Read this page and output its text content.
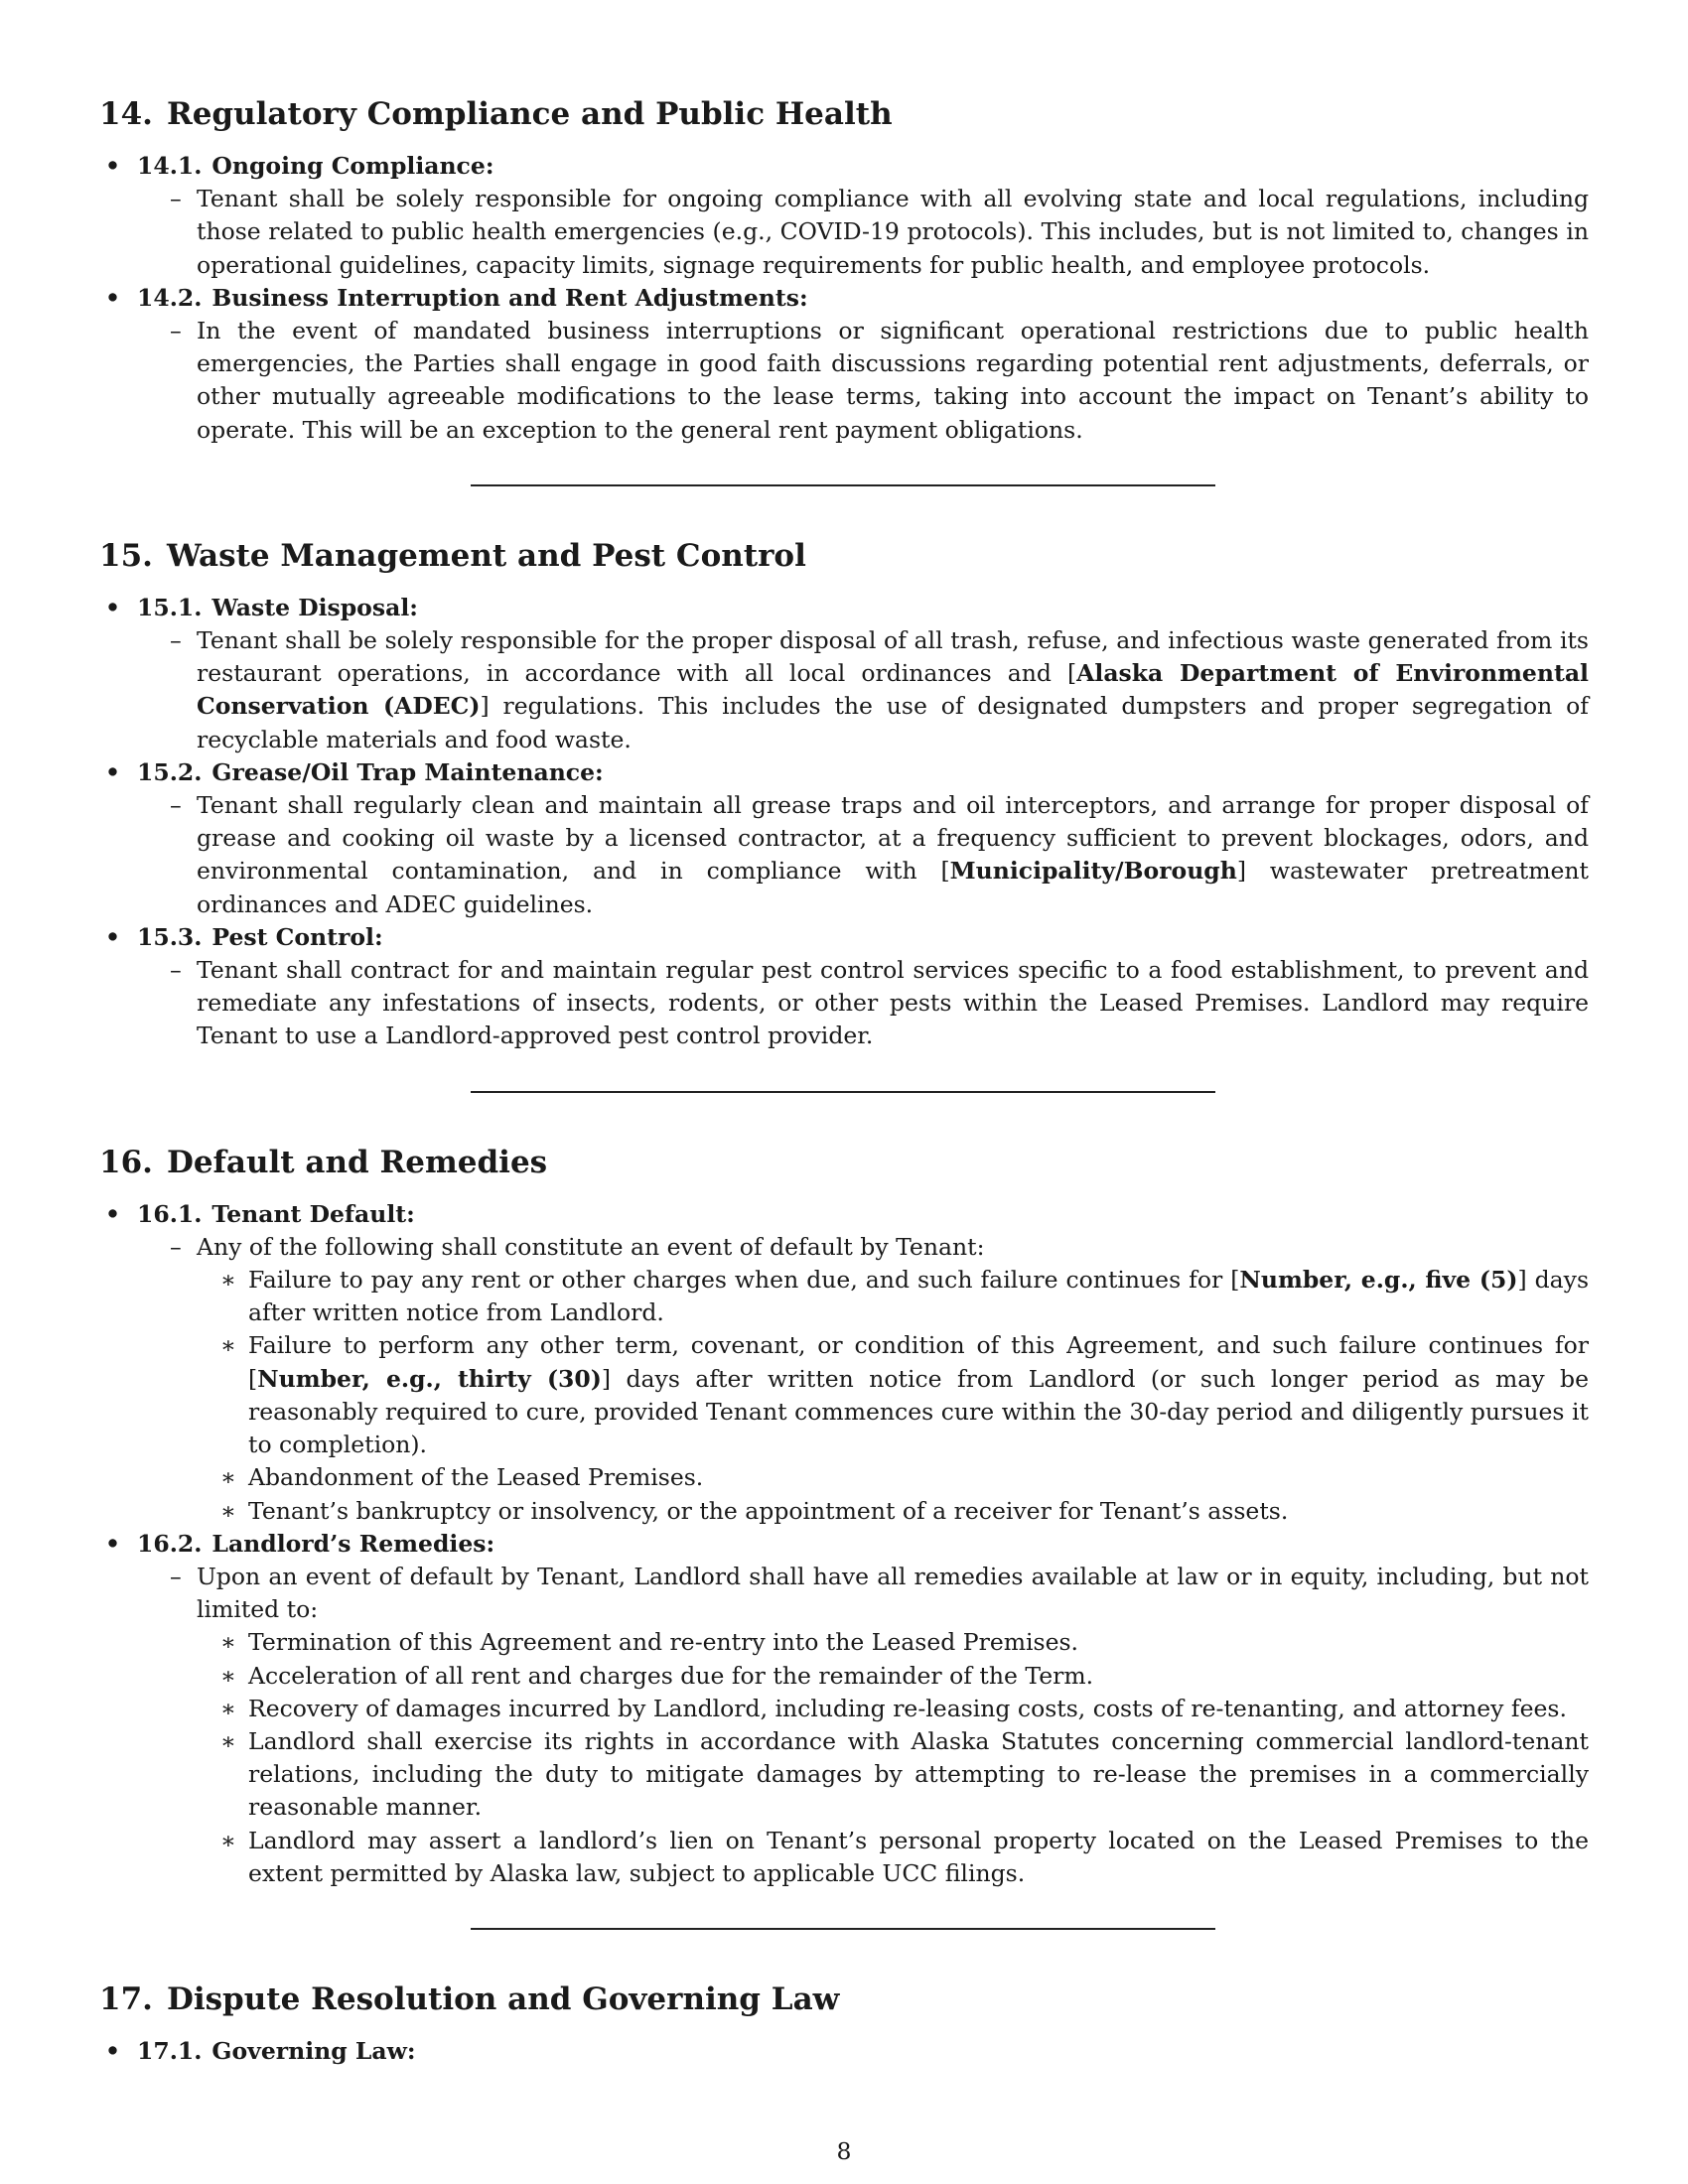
14. Regulatory Compliance and Public Health
• 14.1. Ongoing Compliance:
– Tenant shall be solely responsible for ongoing compliance with all evolving state and local regulations, including those related to public health emergencies (e.g., COVID-19 protocols). This includes, but is not limited to, changes in operational guidelines, capacity limits, signage requirements for public health, and employee protocols.
• 14.2. Business Interruption and Rent Adjustments:
– In the event of mandated business interruptions or significant operational restrictions due to public health emergencies, the Parties shall engage in good faith discussions regarding potential rent adjustments, deferrals, or other mutually agreeable modifications to the lease terms, taking into account the impact on Tenant’s ability to operate. This will be an exception to the general rent payment obligations.
15. Waste Management and Pest Control
• 15.1. Waste Disposal:
– Tenant shall be solely responsible for the proper disposal of all trash, refuse, and infectious waste generated from its restaurant operations, in accordance with all local ordinances and [Alaska Department of Environmental Conservation (ADEC)] regulations. This includes the use of designated dumpsters and proper segregation of recyclable materials and food waste.
• 15.2. Grease/Oil Trap Maintenance:
– Tenant shall regularly clean and maintain all grease traps and oil interceptors, and arrange for proper disposal of grease and cooking oil waste by a licensed contractor, at a frequency sufficient to prevent blockages, odors, and environmental contamination, and in compliance with [Municipality/Borough] wastewater pretreatment ordinances and ADEC guidelines.
• 15.3. Pest Control:
– Tenant shall contract for and maintain regular pest control services specific to a food establishment, to prevent and remediate any infestations of insects, rodents, or other pests within the Leased Premises. Landlord may require Tenant to use a Landlord-approved pest control provider.
16. Default and Remedies
• 16.1. Tenant Default:
– Any of the following shall constitute an event of default by Tenant:
∗ Failure to pay any rent or other charges when due, and such failure continues for [Number, e.g., five (5)] days after written notice from Landlord.
∗ Failure to perform any other term, covenant, or condition of this Agreement, and such failure continues for [Number, e.g., thirty (30)] days after written notice from Landlord (or such longer period as may be reasonably required to cure, provided Tenant commences cure within the 30-day period and diligently pursues it to completion).
∗ Abandonment of the Leased Premises.
∗ Tenant’s bankruptcy or insolvency, or the appointment of a receiver for Tenant’s assets.
• 16.2. Landlord’s Remedies:
– Upon an event of default by Tenant, Landlord shall have all remedies available at law or in equity, including, but not limited to:
∗ Termination of this Agreement and re-entry into the Leased Premises.
∗ Acceleration of all rent and charges due for the remainder of the Term.
∗ Recovery of damages incurred by Landlord, including re-leasing costs, costs of re-tenanting, and attorney fees.
∗ Landlord shall exercise its rights in accordance with Alaska Statutes concerning commercial landlord-tenant relations, including the duty to mitigate damages by attempting to re-lease the premises in a commercially reasonable manner.
∗ Landlord may assert a landlord’s lien on Tenant’s personal property located on the Leased Premises to the extent permitted by Alaska law, subject to applicable UCC filings.
17. Dispute Resolution and Governing Law
• 17.1. Governing Law:
8
